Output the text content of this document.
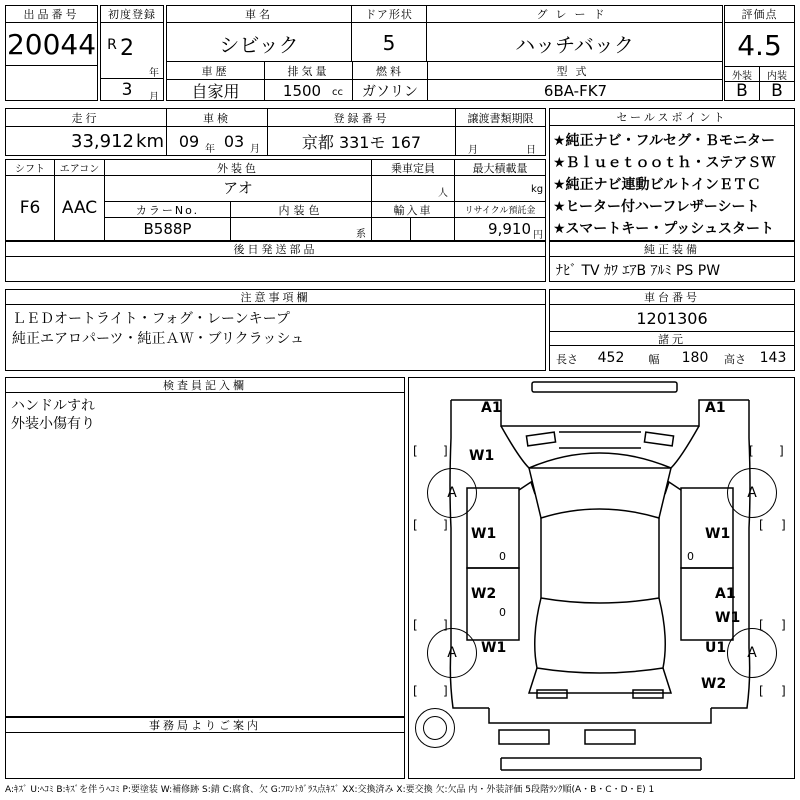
出品番号
20044
初度登録
R 2
年
3 月
車名
シビック
ドア形状
5
グレード
ハッチバック
評価点
4.5
外装	内装
B	B
車歴
自家用
排気量
1500	cc
燃料
ガソリン
型式
6BA-FK7
走行
33,912 km
車検
09 年 03 月
登録番号
京都 331モ 167
譲渡書類期限
月	日
シフト
F6
エアコン
AAC
外装色
アオ
乗車定員
人
最大積載量
kg
カラーNo.
B588P
内装色
系
輸入車	リサイクル預託金
9,910 円
後日発送部品
セールスポイント
★純正ナビ・フルセグ・Ｂモニター
★Ｂｌｕｅｔｏｏｔｈ・ステアＳＷ
★純正ナビ連動ビルトインＥＴＣ
★ヒーター付ハーフレザーシート
★スマートキー・プッシュスタート
純正装備
ﾅﾋﾞ TV ｶﾜ ｴｱB ｱﾙﾐ PS PW
注意事項欄
ＬＥＤオートライト・フォグ・レーンキープ
純正エアロパーツ・純正ＡＷ・ブリクラッシュ
車台番号
1201306
諸元
長さ 452	幅 180	高さ 143
検査員記入欄
ハンドルすれ
外装小傷有り
事務局よりご案内
A	A
A	A
[ ]	[ ]
[ ]	[ ]
[ ]	[ ]
[ ]	[ ]
A1	A1
W1
W1
0
W1
0
W2
0
A1
W1
W1	U1
W2
A:ｷｽﾞ U:ﾍｺﾐ B:ｷｽﾞを伴うﾍｺﾐ P:要塗装 W:補修跡 S:錆 C:腐食、欠 G:ﾌﾛﾝﾄｶﾞﾗｽ点ｷｽﾞ XX:交換済み X:要交換 欠:欠品 内・外装評価 5段階ﾗﾝｸ順(A・B・C・D・E) 1
